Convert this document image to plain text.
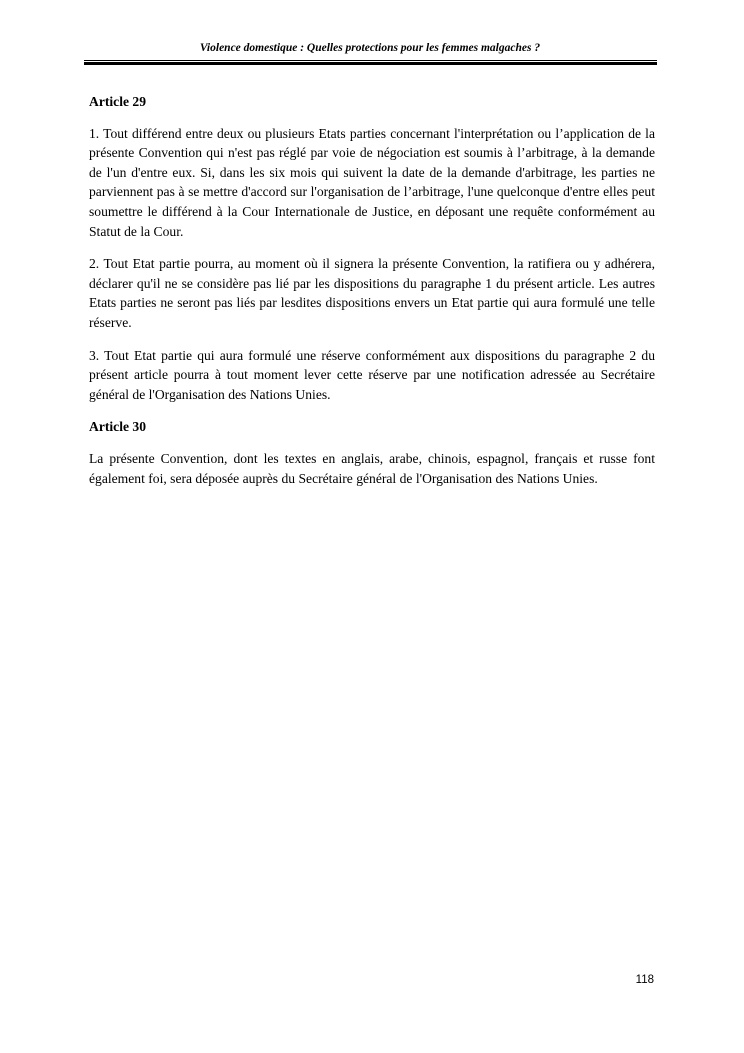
Violence domestique : Quelles protections pour les femmes malgaches ?
Article 29

1. Tout différend entre deux ou plusieurs Etats parties concernant l'interprétation ou l’application de la présente Convention qui n'est pas réglé par voie de négociation est soumis à l’arbitrage, à la demande de l'un d'entre eux. Si, dans les six mois qui suivent la date de la demande d'arbitrage, les parties ne parviennent pas à se mettre d'accord sur l'organisation de l’arbitrage, l'une quelconque d'entre elles peut soumettre le différend à la Cour Internationale de Justice, en déposant une requête conformément au Statut de la Cour.

2. Tout Etat partie pourra, au moment où il signera la présente Convention, la ratifiera ou y adhérera, déclarer qu'il ne se considère pas lié par les dispositions du paragraphe 1 du présent article. Les autres Etats parties ne seront pas liés par lesdites dispositions envers un Etat partie qui aura formulé une telle réserve.

3. Tout Etat partie qui aura formulé une réserve conformément aux dispositions du paragraphe 2 du présent article pourra à tout moment lever cette réserve par une notification adressée au Secrétaire général de l'Organisation des Nations Unies.

Article 30

La présente Convention, dont les textes en anglais, arabe, chinois, espagnol, français et russe font également foi, sera déposée auprès du Secrétaire général de l'Organisation des Nations Unies.

118
